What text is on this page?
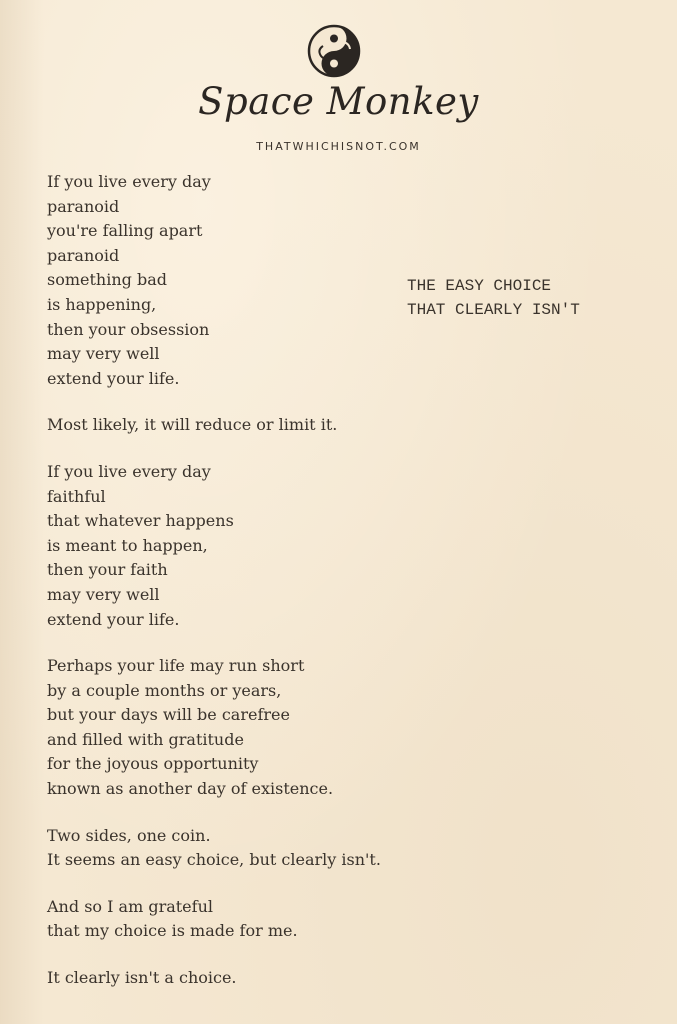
Space Monkey
THATWHICHISNOT.COM
THE EASY CHOICE
THAT CLEARLY ISN'T
If you live every day
paranoid
you're falling apart
paranoid
something bad
is happening,
then your obsession
may very well
extend your life.
Most likely, it will reduce or limit it.
If you live every day
faithful
that whatever happens
is meant to happen,
then your faith
may very well
extend your life.
Perhaps your life may run short
by a couple months or years,
but your days will be carefree
and filled with gratitude
for the joyous opportunity
known as another day of existence.
Two sides, one coin.
It seems an easy choice, but clearly isn't.
And so I am grateful
that my choice is made for me.
It clearly isn't a choice.
